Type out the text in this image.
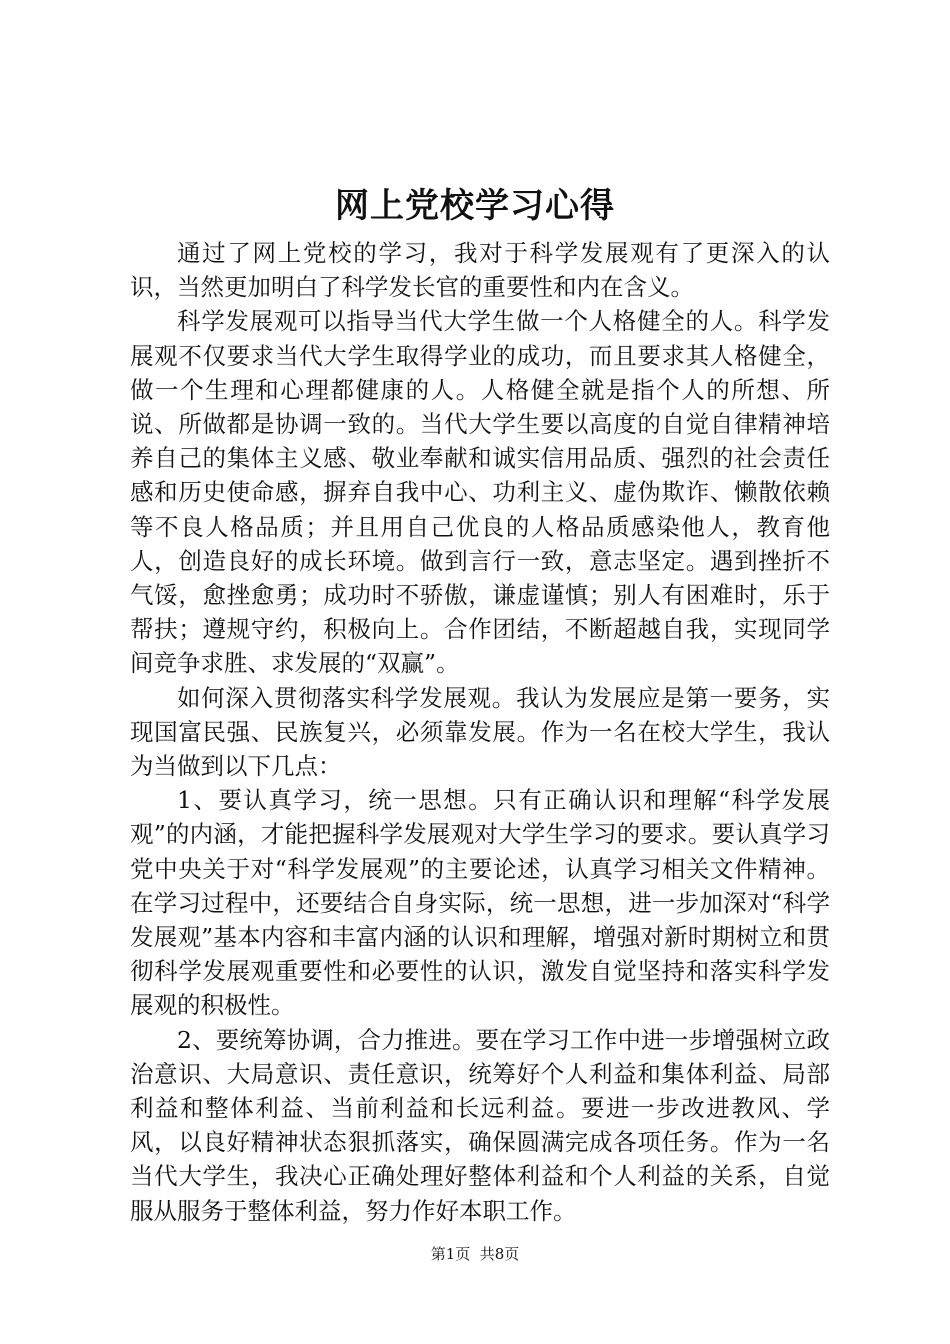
网上党校学习心得

通过了网上党校的学习，我对于科学发展观有了更深入的认识，当然更加明白了科学发长官的重要性和内在含义。

科学发展观可以指导当代大学生做一个人格健全的人。科学发展观不仅要求当代大学生取得学业的成功，而且要求其人格健全，做一个生理和心理都健康的人。人格健全就是指个人的所想、所说、所做都是协调一致的。当代大学生要以高度的自觉自律精神培养自己的集体主义感、敬业奉献和诚实信用品质、强烈的社会责任感和历史使命感，摒弃自我中心、功利主义、虚伪欺诈、懒散依赖等不良人格品质；并且用自己优良的人格品质感染他人，教育他人，创造良好的成长环境。做到言行一致，意志坚定。遇到挫折不气馁，愈挫愈勇；成功时不骄傲，谦虚谨慎；别人有困难时，乐于帮扶；遵规守约，积极向上。合作团结，不断超越自我，实现同学间竞争求胜、求发展的“双赢”。

如何深入贯彻落实科学发展观。我认为发展应是第一要务，实现国富民强、民族复兴，必须靠发展。作为一名在校大学生，我认为当做到以下几点：

1、要认真学习，统一思想。只有正确认识和理解“科学发展观”的内涵，才能把握科学发展观对大学生学习的要求。要认真学习党中央关于对“科学发展观”的主要论述，认真学习相关文件精神。在学习过程中，还要结合自身实际，统一思想，进一步加深对“科学发展观”基本内容和丰富内涵的认识和理解，增强对新时期树立和贯彻科学发展观重要性和必要性的认识，激发自觉坚持和落实科学发展观的积极性。

2、要统筹协调，合力推进。要在学习工作中进一步增强树立政治意识、大局意识、责任意识，统筹好个人利益和集体利益、局部利益和整体利益、当前利益和长远利益。要进一步改进教风、学风，以良好精神状态狠抓落实，确保圆满完成各项任务。作为一名当代大学生，我决心正确处理好整体利益和个人利益的关系，自觉服从服务于整体利益，努力作好本职工作。

第1页  共8页
